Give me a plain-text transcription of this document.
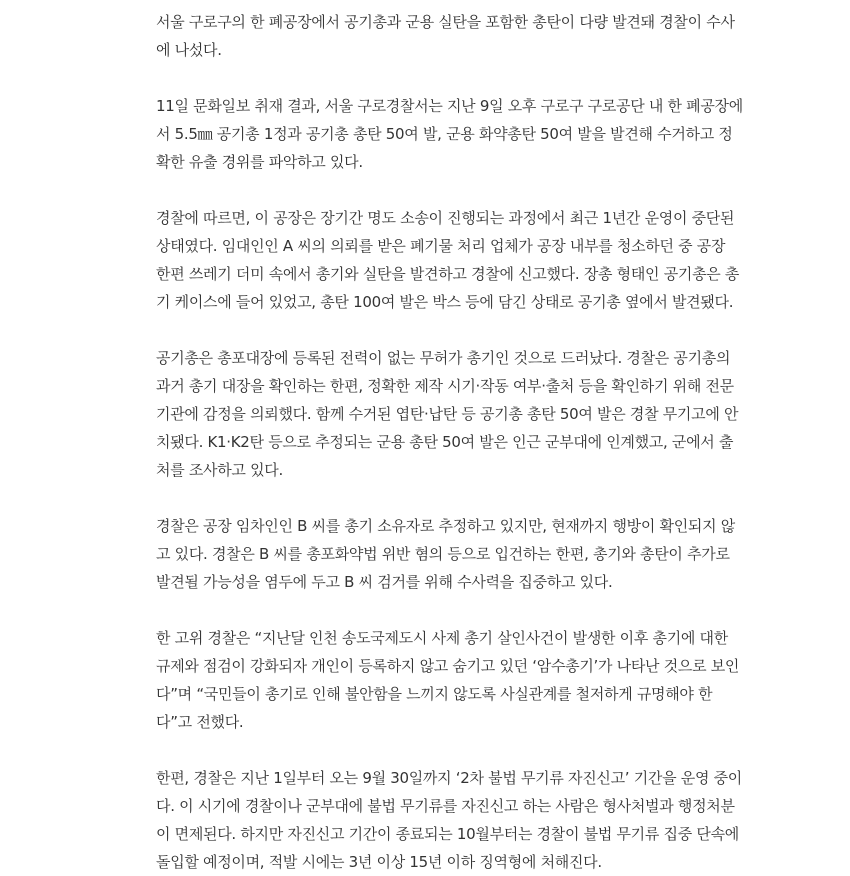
서울 구로구의 한 폐공장에서 공기총과 군용 실탄을 포함한 총탄이 다량 발견돼 경찰이 수사
에 나섰다.

11일 문화일보 취재 결과, 서울 구로경찰서는 지난 9일 오후 구로구 구로공단 내 한 폐공장에
서 5.5㎜ 공기총 1정과 공기총 총탄 50여 발, 군용 화약총탄 50여 발을 발견해 수거하고 정
확한 유출 경위를 파악하고 있다.

경찰에 따르면, 이 공장은 장기간 명도 소송이 진행되는 과정에서 최근 1년간 운영이 중단된
상태였다. 임대인인 A 씨의 의뢰를 받은 폐기물 처리 업체가 공장 내부를 청소하던 중 공장
한편 쓰레기 더미 속에서 총기와 실탄을 발견하고 경찰에 신고했다. 장총 형태인 공기총은 총
기 케이스에 들어 있었고, 총탄 100여 발은 박스 등에 담긴 상태로 공기총 옆에서 발견됐다.

공기총은 총포대장에 등록된 전력이 없는 무허가 총기인 것으로 드러났다. 경찰은 공기총의
과거 총기 대장을 확인하는 한편, 정확한 제작 시기·작동 여부·출처 등을 확인하기 위해 전문
기관에 감정을 의뢰했다. 함께 수거된 엽탄·납탄 등 공기총 총탄 50여 발은 경찰 무기고에 안
치됐다. K1·K2탄 등으로 추정되는 군용 총탄 50여 발은 인근 군부대에 인계했고, 군에서 출
처를 조사하고 있다.

경찰은 공장 임차인인 B 씨를 총기 소유자로 추정하고 있지만, 현재까지 행방이 확인되지 않
고 있다. 경찰은 B 씨를 총포화약법 위반 혐의 등으로 입건하는 한편, 총기와 총탄이 추가로
발견될 가능성을 염두에 두고 B 씨 검거를 위해 수사력을 집중하고 있다.

한 고위 경찰은 “지난달 인천 송도국제도시 사제 총기 살인사건이 발생한 이후 총기에 대한
규제와 점검이 강화되자 개인이 등록하지 않고 숨기고 있던 ‘암수총기’가 나타난 것으로 보인
다”며 “국민들이 총기로 인해 불안함을 느끼지 않도록 사실관계를 철저하게 규명해야 한
다”고 전했다.

한편, 경찰은 지난 1일부터 오는 9월 30일까지 ‘2차 불법 무기류 자진신고’ 기간을 운영 중이
다. 이 시기에 경찰이나 군부대에 불법 무기류를 자진신고 하는 사람은 형사처벌과 행정처분
이 면제된다. 하지만 자진신고 기간이 종료되는 10월부터는 경찰이 불법 무기류 집중 단속에
돌입할 예정이며, 적발 시에는 3년 이상 15년 이하 징역형에 처해진다.
